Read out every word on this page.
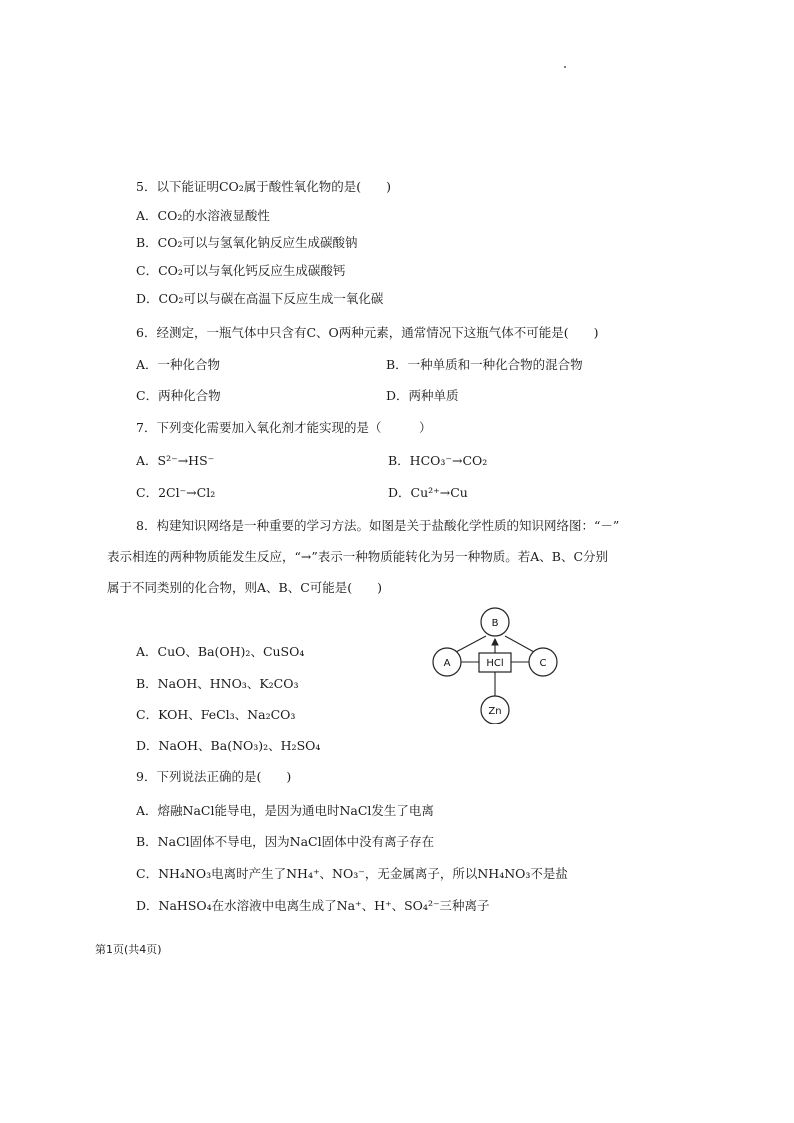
5．以下能证明CO₂属于酸性氧化物的是(　　)
A．CO₂的水溶液显酸性
B．CO₂可以与氢氧化钠反应生成碳酸钠
C．CO₂可以与氧化钙反应生成碳酸钙
D．CO₂可以与碳在高温下反应生成一氧化碳
6．经测定，一瓶气体中只含有C、O两种元素，通常情况下这瓶气体不可能是(　　)
A．一种化合物	B．一种单质和一种化合物的混合物
C．两种化合物	D．两种单质
7．下列变化需要加入氧化剂才能实现的是（　　　）
A．S²⁻→HS⁻	B．HCO₃⁻→CO₂
C．2Cl⁻→Cl₂	D．Cu²⁺→Cu
8．构建知识网络是一种重要的学习方法。如图是关于盐酸化学性质的知识网络图：“－”
表示相连的两种物质能发生反应，“→”表示一种物质能转化为另一种物质。若A、B、C分别
属于不同类别的化合物，则A、B、C可能是(　　)
A．CuO、Ba(OH)₂、CuSO₄
B．NaOH、HNO₃、K₂CO₃
C．KOH、FeCl₃、Na₂CO₃
D．NaOH、Ba(NO₃)₂、H₂SO₄
B
A	C
HCl
Zn
9．下列说法正确的是(　　)
A．熔融NaCl能导电，是因为通电时NaCl发生了电离
B．NaCl固体不导电，因为NaCl固体中没有离子存在
C．NH₄NO₃电离时产生了NH₄⁺、NO₃⁻，无金属离子，所以NH₄NO₃不是盐
D．NaHSO₄在水溶液中电离生成了Na⁺、H⁺、SO₄²⁻三种离子
第1页(共4页)
